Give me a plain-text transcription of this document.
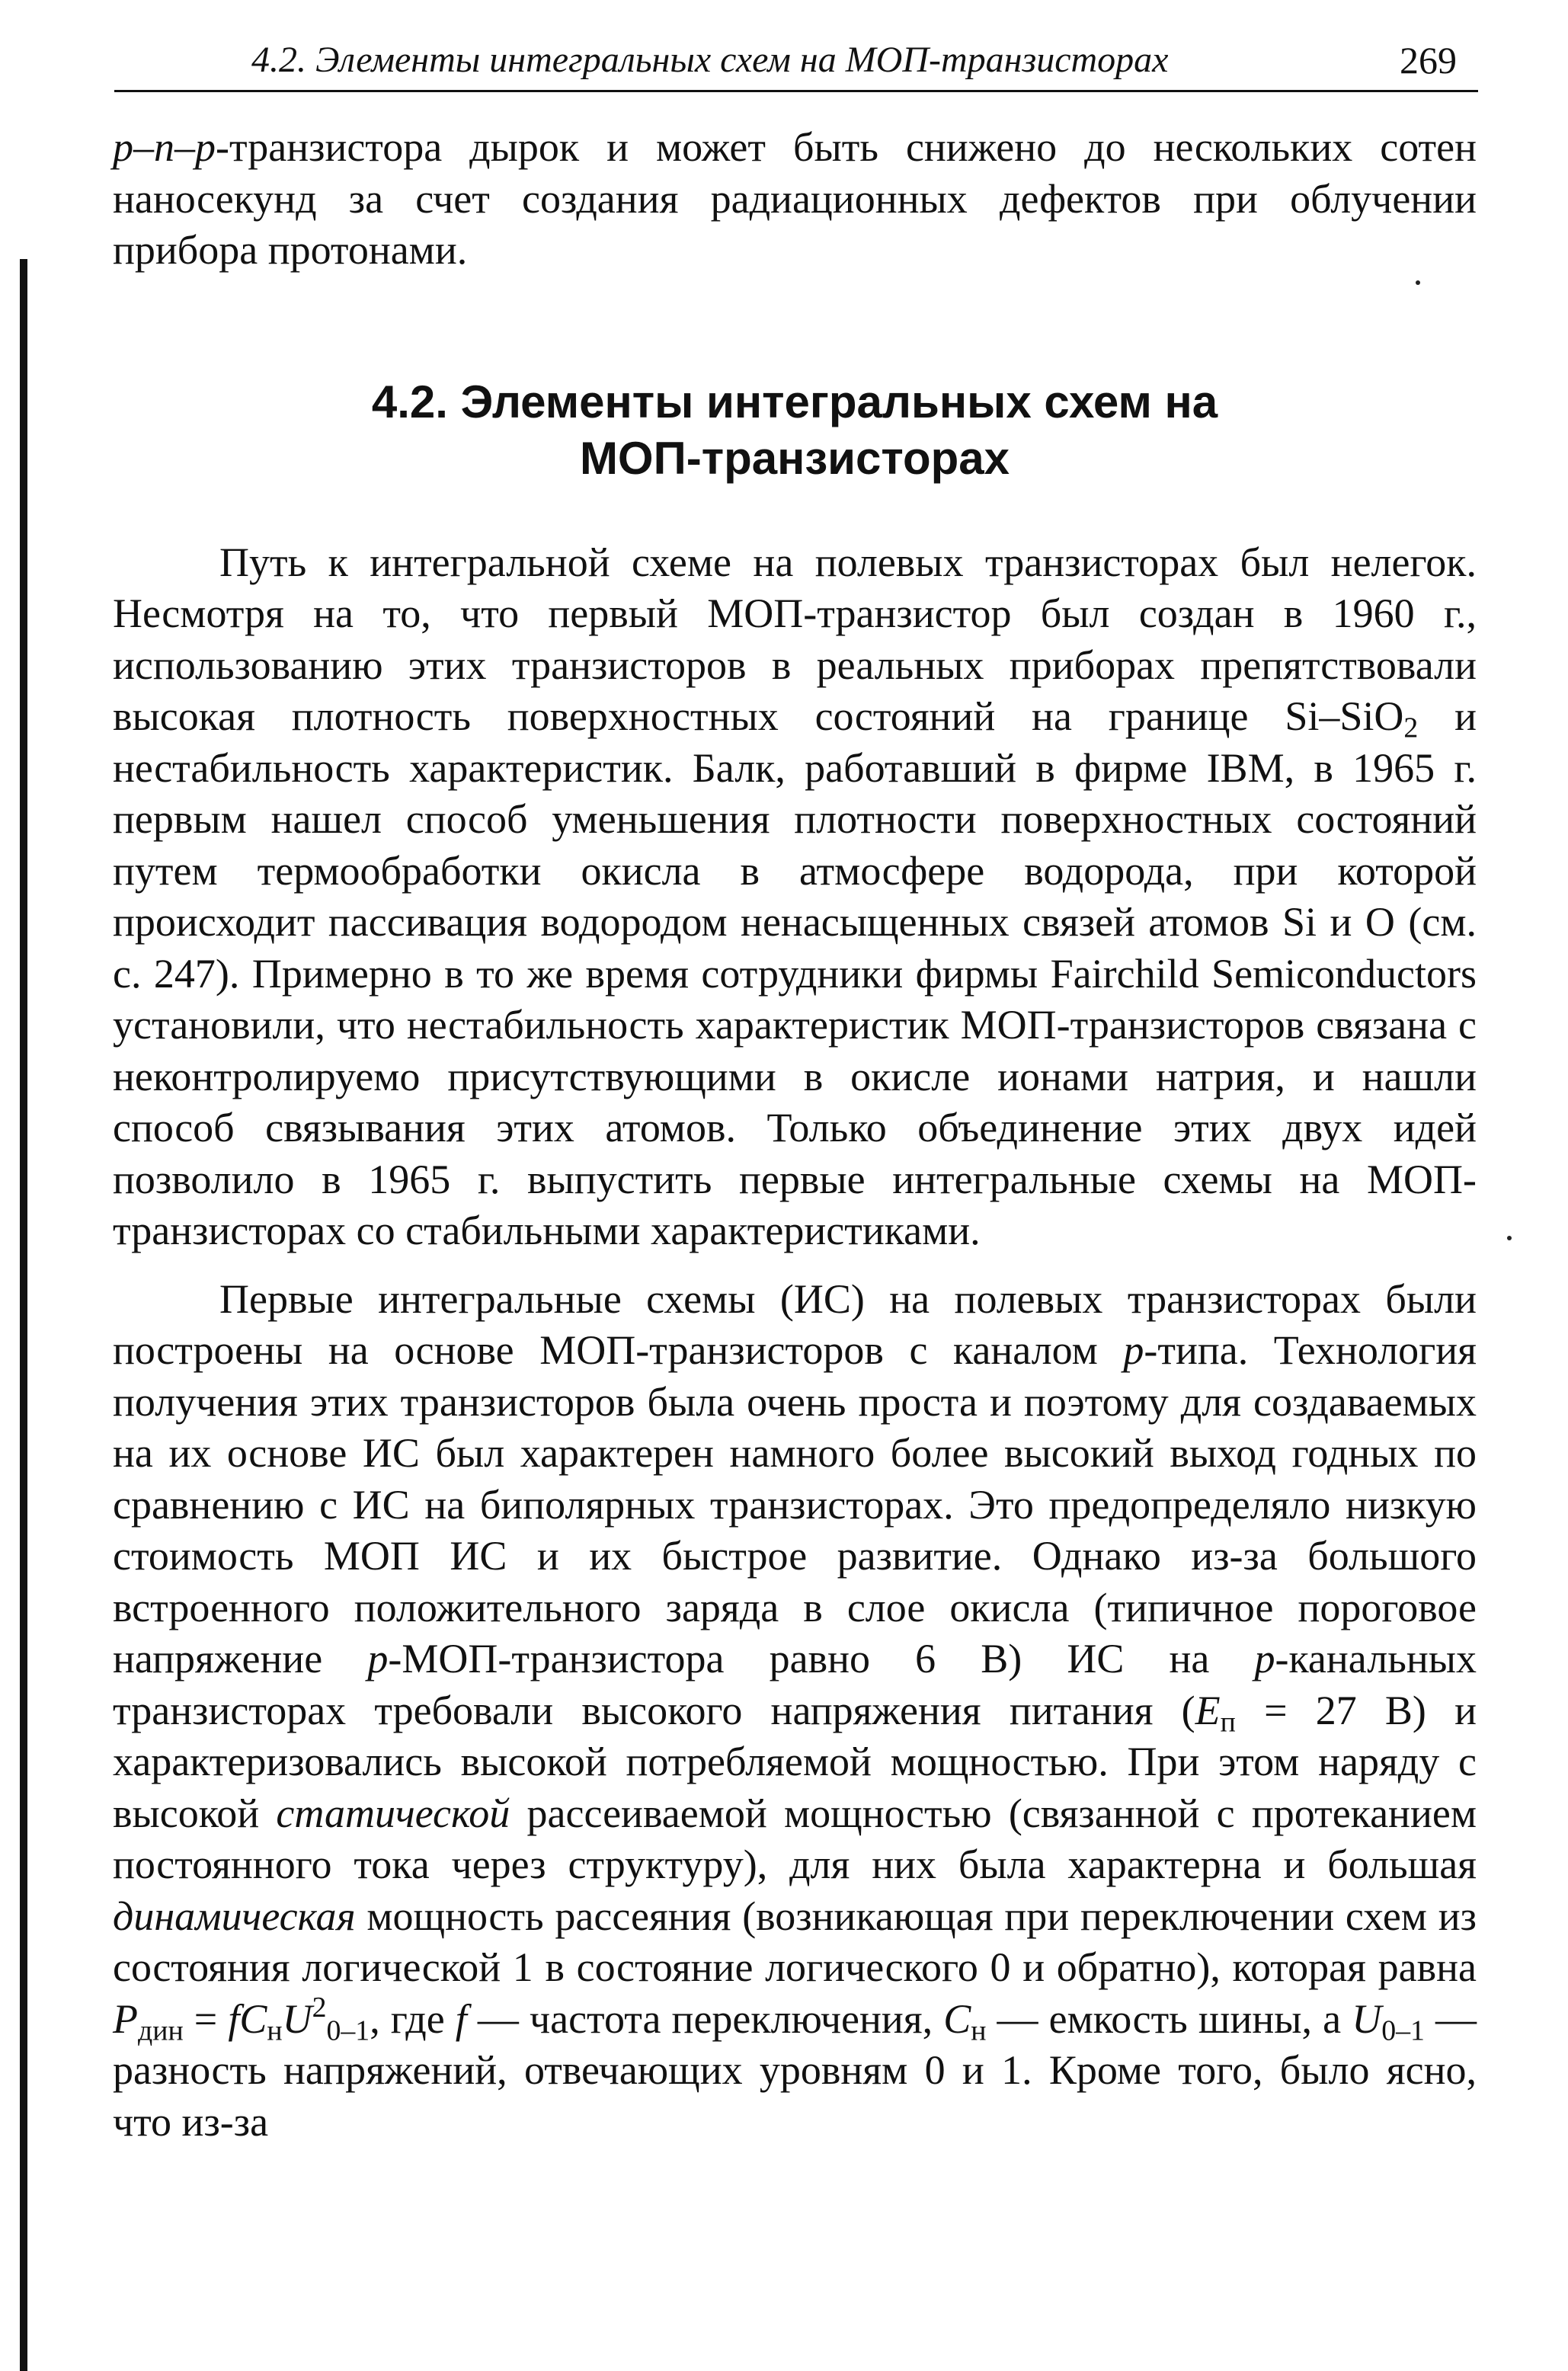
4.2. Элементы интегральных схем на МОП-транзисторах	269

p–n–p-транзистора дырок и может быть снижено до нескольких сотен наносекунд за счет создания радиационных дефектов при облучении прибора протонами.

4.2. Элементы интегральных схем на
МОП-транзисторах

Путь к интегральной схеме на полевых транзисторах был нелегок. Несмотря на то, что первый МОП-транзистор был создан в 1960 г., использованию этих транзисторов в реальных приборах препятствовали высокая плотность поверхностных состояний на границе Si–SiO$_2$ и нестабильность характеристик. Балк, работавший в фирме IBM, в 1965 г. первым нашел способ уменьшения плотности поверхностных состояний путем термообработки окисла в атмосфере водорода, при которой происходит пассивация водородом ненасыщенных связей атомов Si и O (см. с. 247). Примерно в то же время сотрудники фирмы Fairchild Semiconductors установили, что нестабильность характеристик МОП-транзисторов связана с неконтролируемо присутствующими в окисле ионами натрия, и нашли способ связывания этих атомов. Только объединение этих двух идей позволило в 1965 г. выпустить первые интегральные схемы на МОП-транзисторах со стабильными характеристиками.

Первые интегральные схемы (ИС) на полевых транзисторах были построены на основе МОП-транзисторов с каналом p-типа. Технология получения этих транзисторов была очень проста и поэтому для создаваемых на их основе ИС был характерен намного более высокий выход годных по сравнению с ИС на биполярных транзисторах. Это предопределяло низкую стоимость МОП ИС и их быстрое развитие. Однако из-за большого встроенного положительного заряда в слое окисла (типичное пороговое напряжение p-МОП-транзистора равно 6 В) ИС на p-канальных транзисторах требовали высокого напряжения питания ($E_п = 27$ В) и характеризовались высокой потребляемой мощностью. При этом наряду с высокой статической рассеиваемой мощностью (связанной с протеканием постоянного тока через структуру), для них была характерна и большая динамическая мощность рассеяния (возникающая при переключении схем из состояния логической 1 в состояние логического 0 и обратно), которая равна $P_{дин} = fC_нU^2_{0-1}$, где f — частота переключения, $C_н$ — емкость шины, а $U_{0-1}$ — разность напряжений, отвечающих уровням 0 и 1. Кроме того, было ясно, что из-за
